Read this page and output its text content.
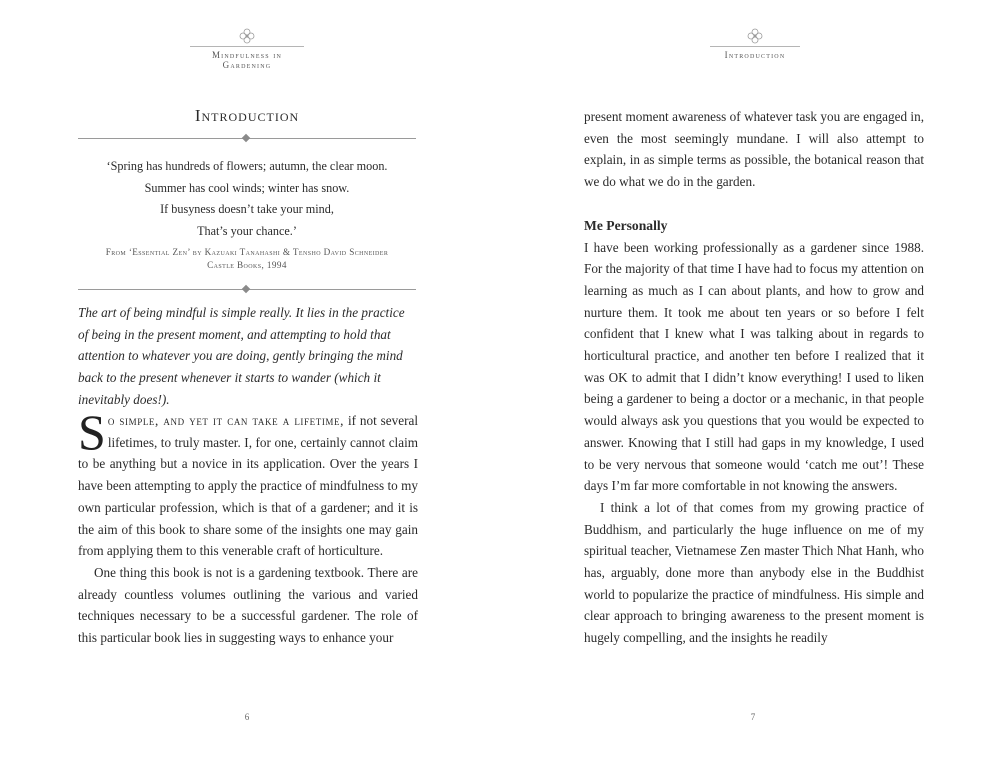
Mindfulness in Gardening
Introduction
‘Spring has hundreds of flowers; autumn, the clear moon.
Summer has cool winds; winter has snow.
If busyness doesn’t take your mind,
That’s your chance.’
From ‘Essential Zen’ by Kazuaki Tanahashi & Tensho David Schneider
Castle Books, 1994
The art of being mindful is simple really. It lies in the practice of being in the present moment, and attempting to hold that attention to whatever you are doing, gently bringing the mind back to the present whenever it starts to wander (which it inevitably does!).

So simple, and yet it can take a lifetime, if not several lifetimes, to truly master. I, for one, certainly cannot claim to be anything but a novice in its application. Over the years I have been attempting to apply the practice of mindfulness to my own particular profession, which is that of a gardener; and it is the aim of this book to share some of the insights one may gain from applying them to this venerable craft of horticulture.

One thing this book is not is a gardening textbook. There are already countless volumes outlining the various and varied techniques necessary to be a successful gardener. The role of this particular book lies in suggesting ways to enhance your

6
Introduction

present moment awareness of whatever task you are engaged in, even the most seemingly mundane. I will also attempt to explain, in as simple terms as possible, the botanical reason that we do what we do in the garden.

Me Personally

I have been working professionally as a gardener since 1988. For the majority of that time I have had to focus my attention on learning as much as I can about plants, and how to grow and nurture them. It took me about ten years or so before I felt confident that I knew what I was talking about in regards to horticultural practice, and another ten before I realized that it was OK to admit that I didn’t know everything! I used to liken being a gardener to being a doctor or a mechanic, in that people would always ask you questions that you would be expected to answer. Knowing that I still had gaps in my knowledge, I used to be very nervous that someone would ‘catch me out’! These days I’m far more comfortable in not knowing the answers.

I think a lot of that comes from my growing practice of Buddhism, and particularly the huge influence on me of my spiritual teacher, Vietnamese Zen master Thich Nhat Hanh, who has, arguably, done more than anybody else in the Buddhist world to popularize the practice of mindfulness. His simple and clear approach to bringing awareness to the present moment is hugely compelling, and the insights he readily

7
